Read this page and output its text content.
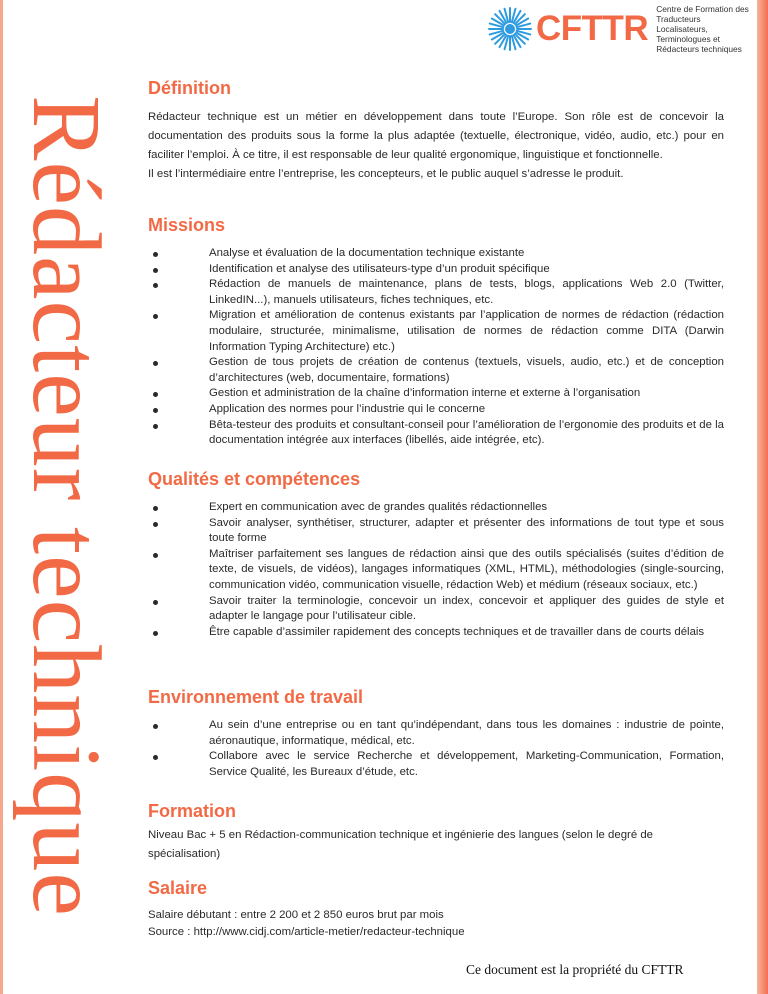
Rédacteur technique
CFTTR Centre de Formation des
Traducteurs Localisateurs,
Terminologues et
Rédacteurs techniques
Définition

Rédacteur technique est un métier en développement dans toute l’Europe. Son rôle est de concevoir la documentation des produits sous la forme la plus adaptée (textuelle, électronique, vidéo, audio, etc.) pour en faciliter l’emploi. À ce titre, il est responsable de leur qualité ergonomique, linguistique et fonctionnelle.

Il est l’intermédiaire entre l’entreprise, les concepteurs, et le public auquel s’adresse le produit.

Missions
Analyse et évaluation de la documentation technique existante
Identification et analyse des utilisateurs-type d’un produit spécifique
Rédaction de manuels de maintenance, plans de tests, blogs, applications Web 2.0 (Twitter, LinkedIN...), manuels utilisateurs, fiches techniques, etc.
Migration et amélioration de contenus existants par l’application de normes de rédaction (rédaction modulaire, structurée, minimalisme, utilisation de normes de rédaction comme DITA (Darwin Information Typing Architecture) etc.)
Gestion de tous projets de création de contenus (textuels, visuels, audio, etc.) et de conception d’architectures (web, documentaire, formations)
Gestion et administration de la chaîne d’information interne et externe à l’organisation
Application des normes pour l’industrie qui le concerne
Bêta-testeur des produits et consultant-conseil pour l’amélioration de l’ergonomie des produits et de la documentation intégrée aux interfaces (libellés, aide intégrée, etc).
Qualités et compétences
Expert en communication avec de grandes qualités rédactionnelles
Savoir analyser, synthétiser, structurer, adapter et présenter des informations de tout type et sous toute forme
Maîtriser parfaitement ses langues de rédaction ainsi que des outils spécialisés (suites d’édition de texte, de visuels, de vidéos), langages informatiques (XML, HTML), méthodologies (single-sourcing, communication vidéo, communication visuelle, rédaction Web) et médium (réseaux sociaux, etc.)
Savoir traiter la terminologie, concevoir un index, concevoir et appliquer des guides de style et adapter le langage pour l’utilisateur cible.
Être capable d’assimiler rapidement des concepts techniques et de travailler dans de courts délais
Environnement de travail
Au sein d’une entreprise ou en tant qu’indépendant, dans tous les domaines : industrie de pointe, aéronautique, informatique, médical, etc.
Collabore avec le service Recherche et développement, Marketing-Communication, Formation, Service Qualité, les Bureaux d’étude, etc.
Formation

Niveau Bac + 5 en Rédaction-communication technique et ingénierie des langues (selon le degré de spécialisation)

Salaire

Salaire débutant : entre 2 200 et 2 850 euros brut par mois

Source : http://www.cidj.com/article-metier/redacteur-technique

Ce document est la propriété du CFTTR
